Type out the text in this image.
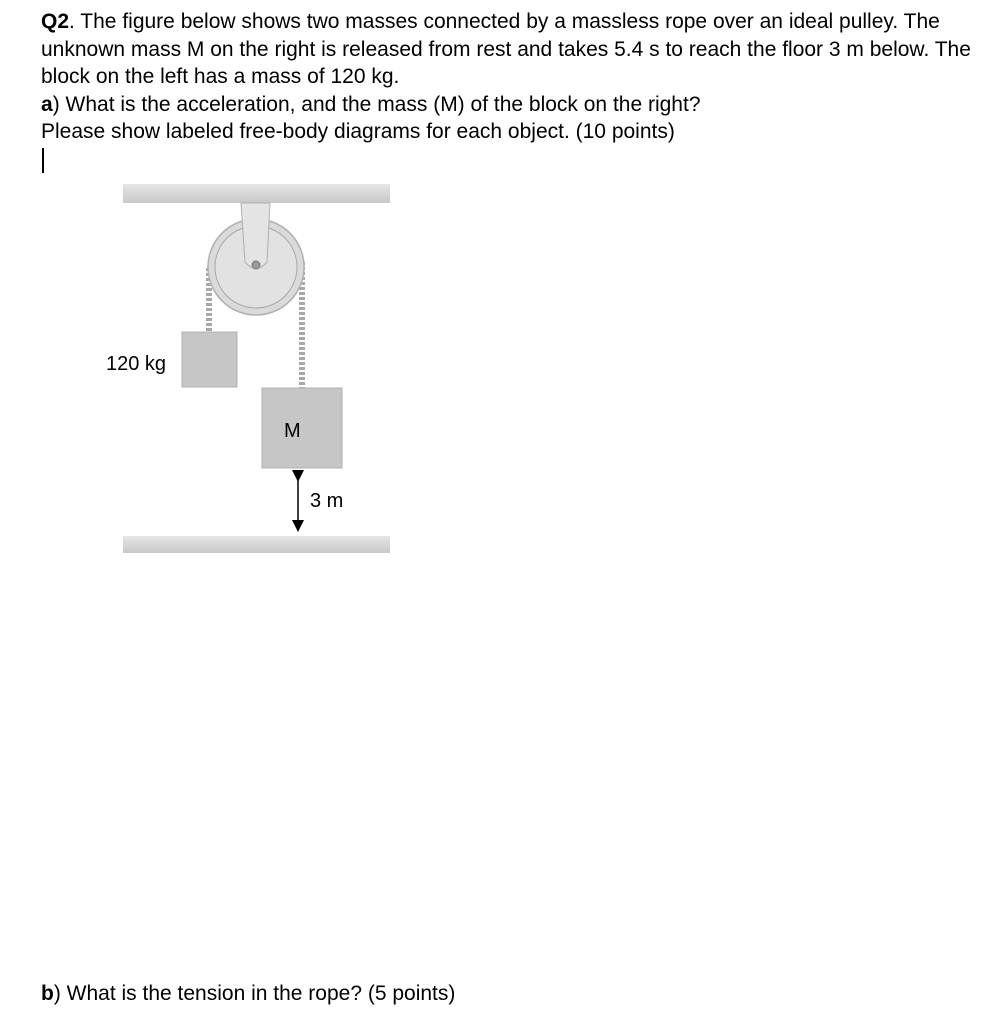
Q2. The figure below shows two masses connected by a massless rope over an ideal pulley. The unknown mass M on the right is released from rest and takes 5.4 s to reach the floor 3 m below. The block on the left has a mass of 120 kg.

a) What is the acceleration, and the mass (M) of the block on the right?

Please show labeled free-body diagrams for each object. (10 points)

120 kg
M
3 m
b) What is the tension in the rope? (5 points)
